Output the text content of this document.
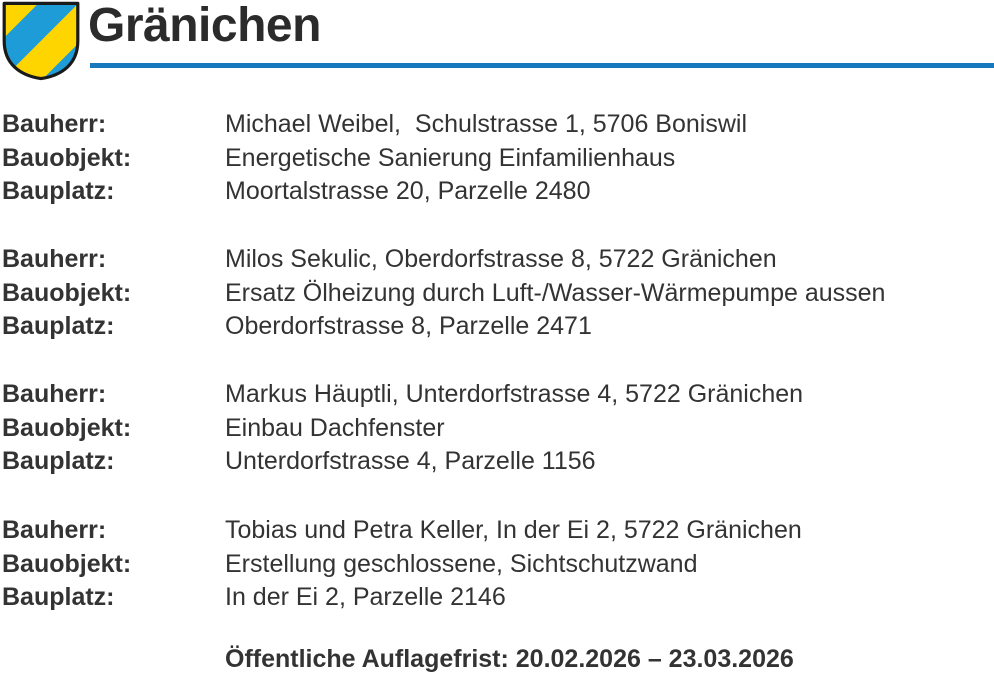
Gränichen
Bauherr:	Michael Weibel,  Schulstrasse 1, 5706 Boniswil
Bauobjekt:	Energetische Sanierung Einfamilienhaus
Bauplatz:	Moortalstrasse 20, Parzelle 2480
Bauherr:	Milos Sekulic, Oberdorfstrasse 8, 5722 Gränichen
Bauobjekt:	Ersatz Ölheizung durch Luft-/Wasser-Wärmepumpe aussen
Bauplatz:	Oberdorfstrasse 8, Parzelle 2471
Bauherr:	Markus Häuptli, Unterdorfstrasse 4, 5722 Gränichen
Bauobjekt:	Einbau Dachfenster
Bauplatz:	Unterdorfstrasse 4, Parzelle 1156
Bauherr:	Tobias und Petra Keller, In der Ei 2, 5722 Gränichen
Bauobjekt:	Erstellung geschlossene, Sichtschutzwand
Bauplatz:	In der Ei 2, Parzelle 2146

Öffentliche Auflagefrist: 20.02.2026 – 23.03.2026
